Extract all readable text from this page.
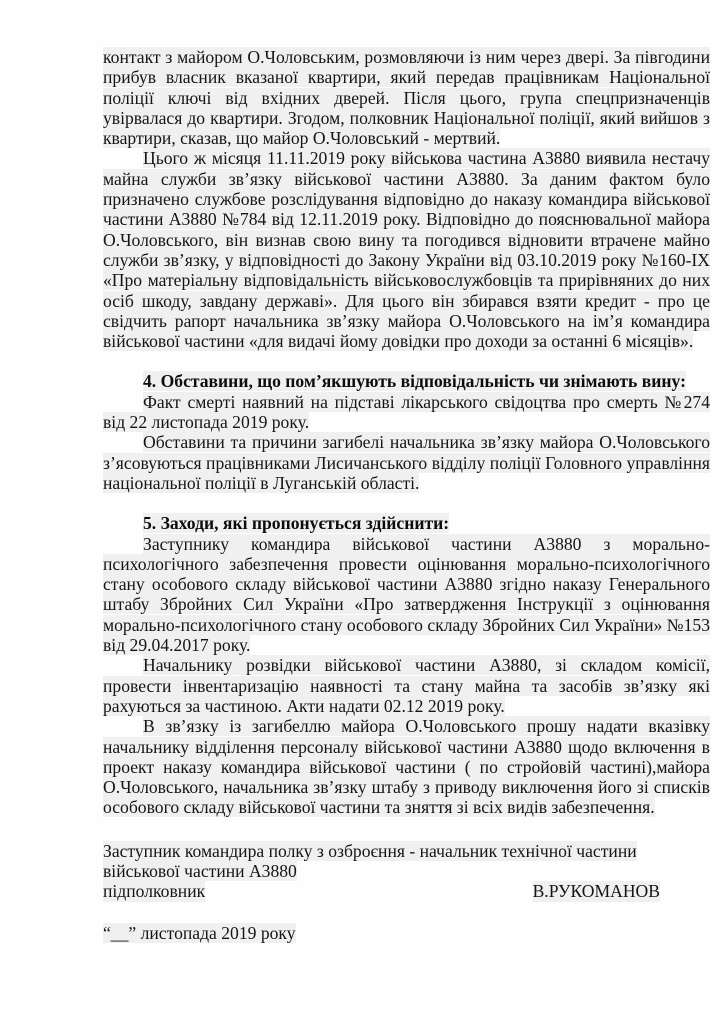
контакт з майором О.Чоловським, розмовляючи із ним через двері. За півгодини прибув власник вказаної квартири, який передав працівникам Національної поліції ключі від вхідних дверей. Після цього, група спецпризначенців увірвалася до квартири. Згодом, полковник Національної поліції, який вийшов з квартири, сказав, що майор О.Чоловський - мертвий.

Цього ж місяця 11.11.2019 року військова частина А3880 виявила нестачу майна служби зв’язку військової частини А3880. За даним фактом було призначено службове розслідування відповідно до наказу командира військової частини А3880 №784 від 12.11.2019 року. Відповідно до пояснювальної майора О.Чоловського, він визнав свою вину та погодився відновити втрачене майно служби зв’язку, у відповідності до Закону України від 03.10.2019 року №160-ІХ «Про матеріальну відповідальність військовослужбовців та прирівняних до них осіб шкоду, завдану державі». Для цього він збирався взяти кредит - про це свідчить рапорт начальника зв’язку майора О.Чоловського на ім’я командира військової частини «для видачі йому довідки про доходи за останні 6 місяців».

4. Обставини, що пом’якшують відповідальність чи знімають вину:

Факт смерті наявний на підставі лікарського свідоцтва про смерть №274 від 22 листопада 2019 року.

Обставини та причини загибелі начальника зв’язку майора О.Чоловського з’ясовуються працівниками Лисичанського відділу поліції Головного управління національної поліції в Луганській області.

5. Заходи, які пропонується здійснити:

Заступнику командира військової частини А3880 з морально-психологічного забезпечення провести оцінювання морально-психологічного стану особового складу військової частини А3880 згідно наказу Генерального штабу Збройних Сил України «Про затвердження Інструкції з оцінювання морально-психологічного стану особового складу Збройних Сил України» №153 від 29.04.2017 року.

Начальнику розвідки військової частини А3880, зі складом комісії, провести інвентаризацію наявності та стану майна та засобів зв’язку які рахуються за частиною. Акти надати 02.12 2019 року.

В зв’язку із загибеллю майора О.Чоловського прошу надати вказівку начальнику відділення персоналу військової частини А3880 щодо включення в проект наказу командира військової частини ( по стройовій частині),майора О.Чоловського, начальника зв’язку штабу з приводу виключення його зі списків особового складу військової частини та зняття зі всіх видів забезпечення.

Заступник командира полку з озброєння - начальник технічної частини

військової частини А3880

підполковник	В.РУКОМАНОВ

“__” листопада 2019 року
